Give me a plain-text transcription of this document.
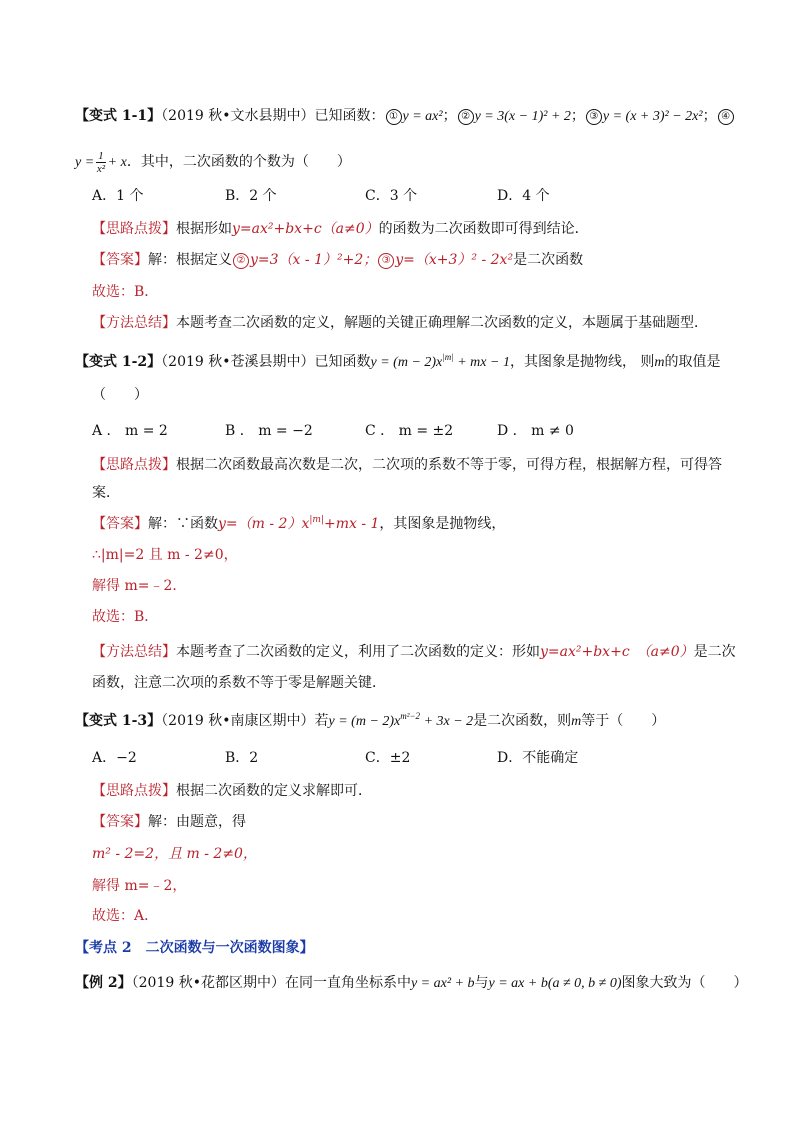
【变式 1-1】（2019 秋•文水县期中）已知函数： ① y = ax²； ② y = 3(x − 1)² + 2； ③ y = (x + 3)² − 2x²； ④
$y = \frac{1}{\text{x²}} + x$．其中，二次函数的个数为（　　）
A．1 个	B．2 个	C．3 个	D．4 个
【思路点拨】根据形如y=ax²+bx+c（a≠0）的函数为二次函数即可得到结论．
【答案】解：根据定义 ② y=3（x - 1）²+2； ③ y=（x+3）² - 2x²是二次函数
故选：B．
【方法总结】本题考查二次函数的定义，解题的关键正确理解二次函数的定义，本题属于基础题型．
【变式 1-2】（2019 秋•苍溪县期中）已知函数$y = (m - 2)x^{|m|}$ + mx − 1，其图象是抛物线， 则m的取值是
（　　）
A ． m = 2	B ． m = −2	C ． m = ±2	D ． m ≠ 0
【思路点拨】根据二次函数最高次数是二次，二次项的系数不等于零，可得方程，根据解方程，可得答
案．
【答案】解：∵函数$y=(m - 2)x^{|m|}+mx - 1$，其图象是抛物线，
∴|m|=2 且 m - 2≠0，
解得 m=﹣2．
故选：B．
【方法总结】本题考查了二次函数的定义，利用了二次函数的定义：形如y=ax²+bx+c　（a≠0）是二次
函数，注意二次项的系数不等于零是解题关键．
【变式 1-3】（2019 秋•南康区期中）若$y = (m - 2)x^{m^2-2} + 3x - 2$是二次函数，则m等于（　　）
A．−2	B．2	C．±2	D．不能确定
【思路点拨】根据二次函数的定义求解即可．
【答案】解：由题意，得
m² - 2=2，且 m - 2≠0，
解得 m=﹣2，
故选：A．
【考点 2　二次函数与一次函数图象】
【例 2】（2019 秋•花都区期中）在同一直角坐标系中y = ax² + b与y = ax + b(a ≠ 0, b ≠ 0)图象大致为（　　）
